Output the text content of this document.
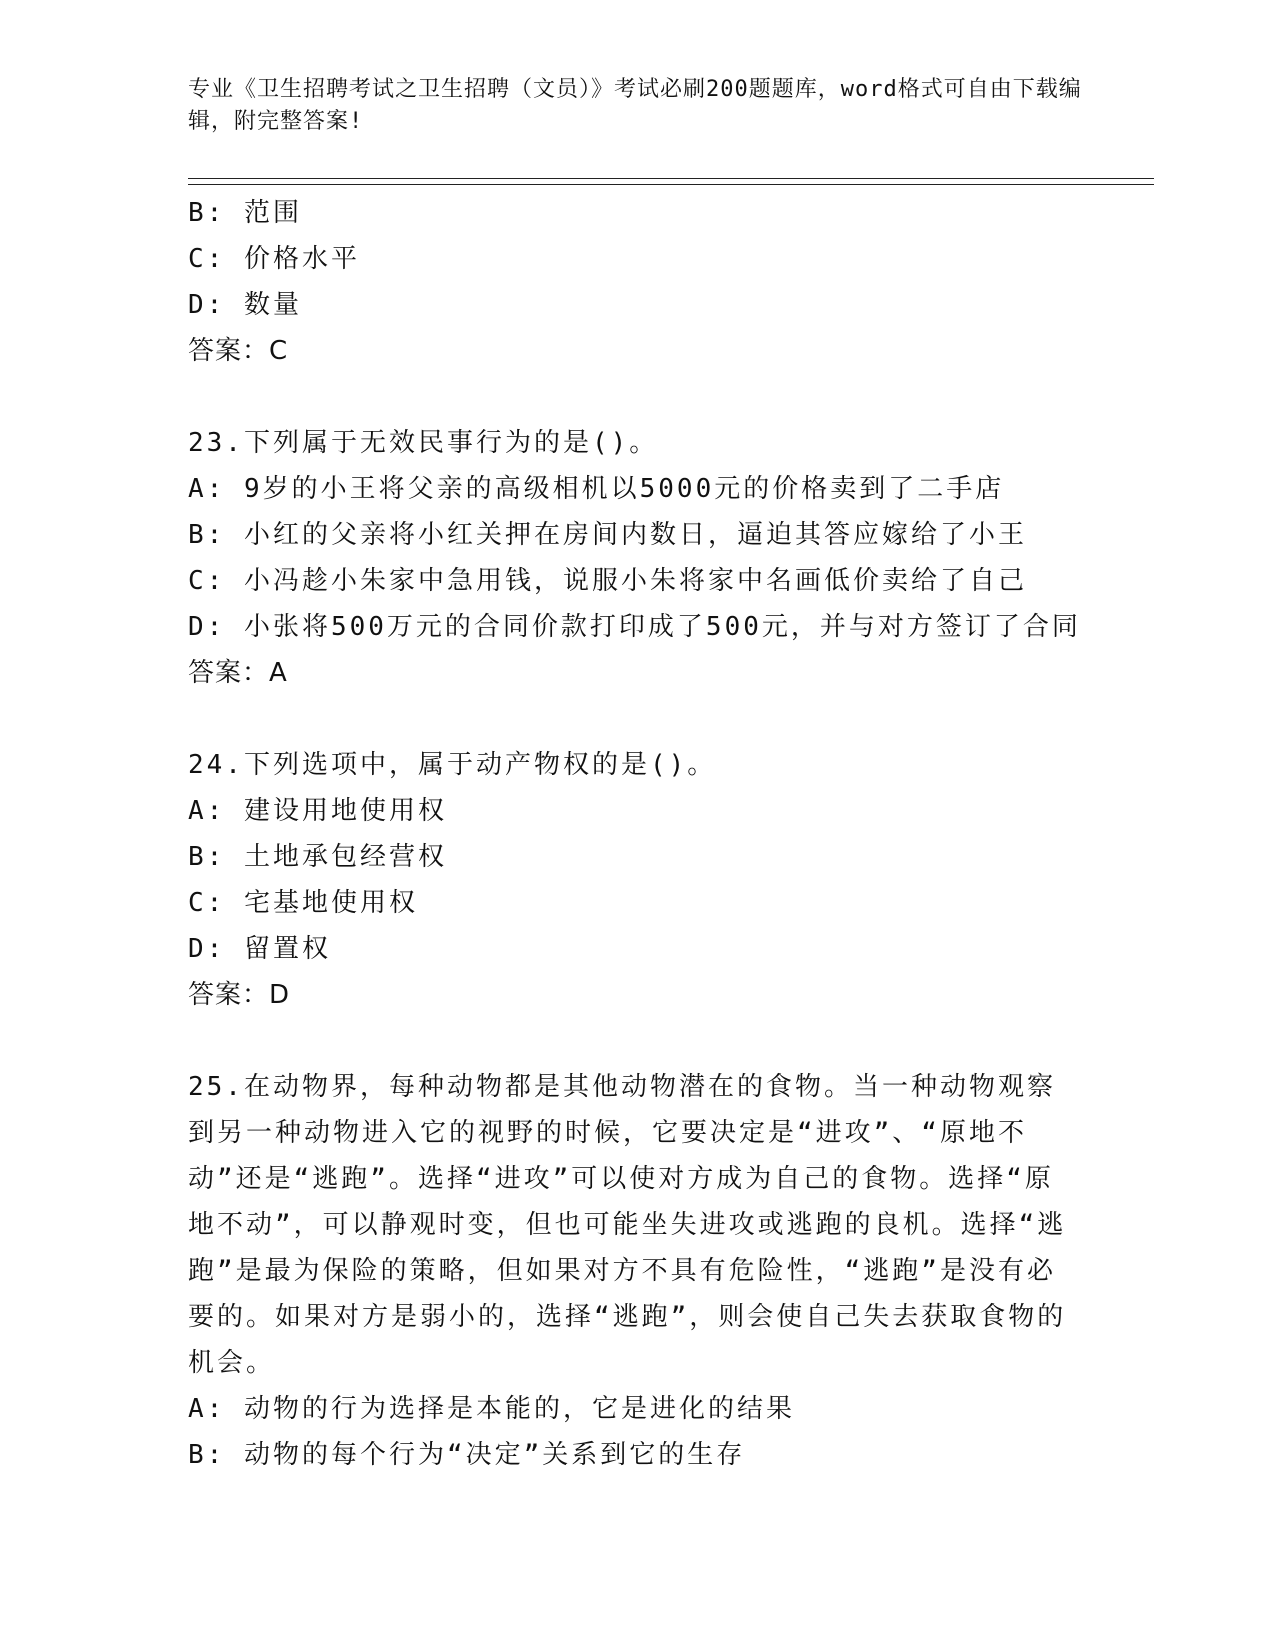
专业《卫生招聘考试之卫生招聘（文员）》考试必刷200题题库，word格式可自由下载编辑，附完整答案!
B: 范围
C: 价格水平
D: 数量
答案：C
23.下列属于无效民事行为的是()。
A: 9岁的小王将父亲的高级相机以5000元的价格卖到了二手店
B: 小红的父亲将小红关押在房间内数日，逼迫其答应嫁给了小王
C: 小冯趁小朱家中急用钱，说服小朱将家中名画低价卖给了自己
D: 小张将500万元的合同价款打印成了500元，并与对方签订了合同
答案：A
24.下列选项中，属于动产物权的是()。
A: 建设用地使用权
B: 土地承包经营权
C: 宅基地使用权
D: 留置权
答案：D
25.在动物界，每种动物都是其他动物潜在的食物。当一种动物观察到另一种动物进入它的视野的时候，它要决定是“进攻”、“原地不动”还是“逃跑”。选择“进攻”可以使对方成为自己的食物。选择“原地不动”，可以静观时变，但也可能坐失进攻或逃跑的良机。选择“逃跑”是最为保险的策略，但如果对方不具有危险性，“逃跑”是没有必要的。如果对方是弱小的，选择“逃跑”，则会使自己失去获取食物的机会。
A: 动物的行为选择是本能的，它是进化的结果
B: 动物的每个行为“决定”关系到它的生存
